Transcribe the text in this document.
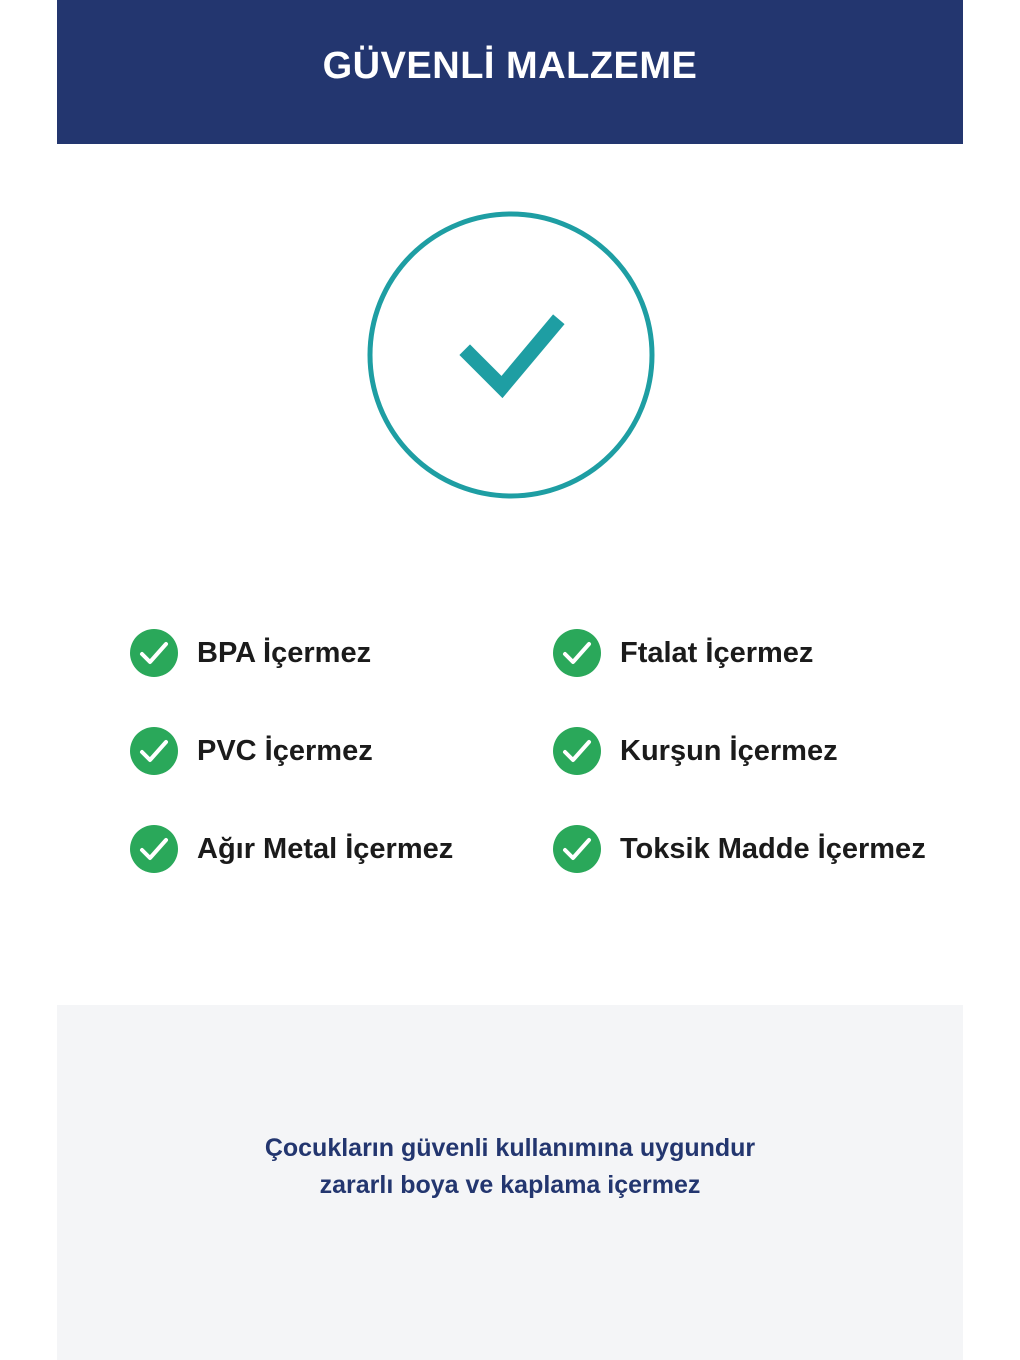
GÜVENLİ MALZEME
BPA İçermez	Ftalat İçermez
PVC İçermez	Kurşun İçermez
Ağır Metal İçermez	Toksik Madde İçermez
Çocukların güvenli kullanımına uygundur
zararlı boya ve kaplama içermez
